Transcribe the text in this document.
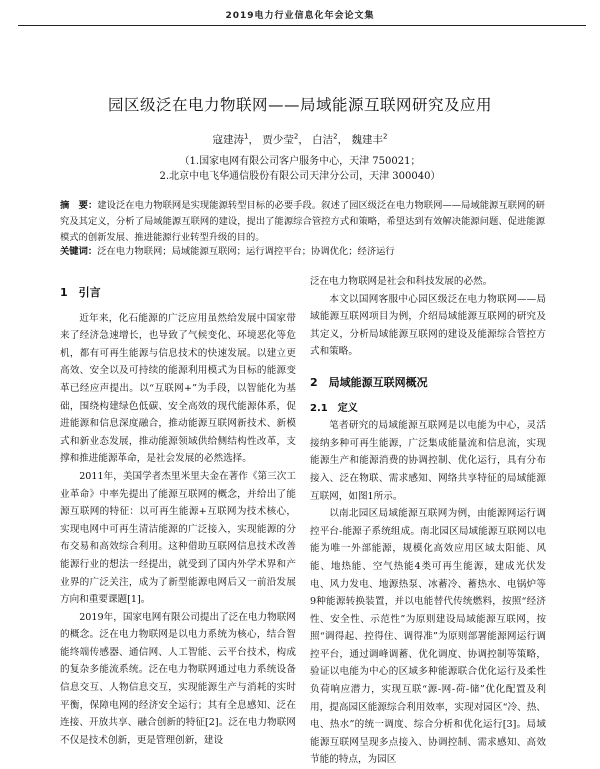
2019电力行业信息化年会论文集
园区级泛在电力物联网——局域能源互联网研究及应用
寇建涛$^1$， 贾少莹$^2$， 白洁$^2$， 魏建丰$^2$
（1.国家电网有限公司客户服务中心，天津 750021；
2.北京中电飞华通信股份有限公司天津分公司，天津 300040）
摘　要：建设泛在电力物联网是实现能源转型目标的必要手段。叙述了园区级泛在电力物联网——局域能源互联网的研究及其定义，分析了局域能源互联网的建设，提出了能源综合管控方式和策略，希望达到有效解决能源问题、促进能源模式的创新发展、推进能源行业转型升级的目的。
关键词：泛在电力物联网；局域能源互联网；运行调控平台；协调优化；经济运行
1　引言

近年来，化石能源的广泛应用虽然给发展中国家带来了经济急速增长，也导致了气候变化、环境恶化等危机，都有可再生能源与信息技术的快速发展。以建立更高效、安全以及可持续的能源利用模式为目标的能源变革已经应声提出。以“互联网+”为手段，以智能化为基础，围绕构建绿色低碳、安全高效的现代能源体系，促进能源和信息深度融合，推动能源互联网新技术、新模式和新业态发展，推动能源领域供给侧结构性改革，支撑和推进能源革命，是社会发展的必然选择。

2011年，美国学者杰里米里夫金在著作《第三次工业革命》中率先提出了能源互联网的概念，并给出了能源互联网的特征：以可再生能源+互联网为技术核心，实现电网中可再生清洁能源的广泛接入，实现能源的分布交易和高效综合利用。这种借助互联网信息技术改善能源行业的想法一经提出，就受到了国内外学术界和产业界的广泛关注，成为了新型能源电网后又一前沿发展方向和重要课题[1]。

2019年，国家电网有限公司提出了泛在电力物联网的概念。泛在电力物联网是以电力系统为核心，结合智能终端传感器、通信网、人工智能、云平台技术，构成的复杂多能流系统。泛在电力物联网通过电力系统设备信息交互、人物信息交互，实现能源生产与消耗的实时平衡，保障电网的经济安全运行；其有全息感知、泛在连接、开放共享、融合创新的特征[2]。泛在电力物联网不仅是技术创新，更是管理创新，建设

泛在电力物联网是社会和科技发展的必然。

本文以国网客服中心园区级泛在电力物联网——局域能源互联网项目为例，介绍局域能源互联网的研究及其定义，分析局域能源互联网的建设及能源综合管控方式和策略。

2　局域能源互联网概况
2.1　定义

笔者研究的局域能源互联网是以电能为中心，灵活接纳多种可再生能源，广泛集成能量流和信息流，实现能源生产和能源消费的协调控制、优化运行，具有分布接入、泛在物联、需求感知、网络共享特征的局域能源互联网，如图1所示。

以南北园区局域能源互联网为例，由能源网运行调控平台-能源子系统组成。南北园区局域能源互联网以电能为唯一外部能源，规模化高效应用区域太阳能、风能、地热能、空气热能4类可再生能源，建成光伏发电、风力发电、地源热泵、冰蓄冷、蓄热水、电锅炉等9种能源转换装置，并以电能替代传统燃料，按照“经济性、安全性、示范性”为原则建设局域能源互联网，按照“调得起、控得住、调得准”为原则部署能源网运行调控平台，通过调峰调蓄、优化调度、协调控制等策略，验证以电能为中心的区域多种能源联合优化运行及柔性负荷响应潜力，实现互联“源-网-荷-储”优化配置及利用，提高园区能源综合利用效率，实现对园区“冷、热、电、热水”的统一调度、综合分析和优化运行[3]。局域能源互联网呈现多点接入、协调控制、需求感知、高效节能的特点，为园区
